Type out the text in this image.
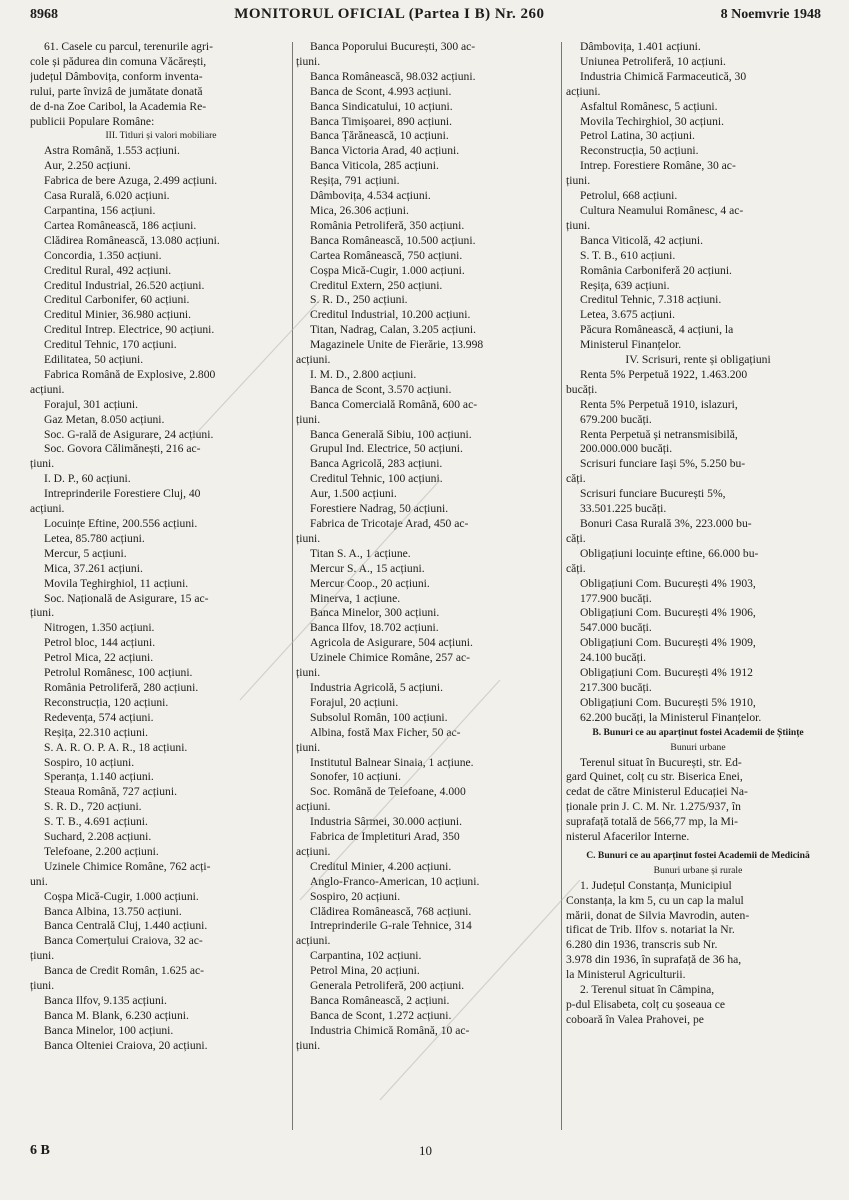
8968	MONITORUL OFICIAL (Partea I B) Nr. 260	8 Noemvrie 1948
61. Casele cu parcul, terenurile agri-
cole și pădurea din comuna Văcărești,
județul Dâmbovița, conform inventa-
rului, parte învizâ de jumătate donată
de d-na Zoe Caribol, la Academia Re-
publicii Populare Române:
III. Titluri și valori mobiliare
Astra Română, 1.553 acțiuni.
Aur, 2.250 acțiuni.
Fabrica de bere Azuga, 2.499 acțiuni.
Casa Rurală, 6.020 acțiuni.
Carpantina, 156 acțiuni.
Cartea Românească, 186 acțiuni.
Clădirea Românească, 13.080 acțiuni.
Concordia, 1.350 acțiuni.
Creditul Rural, 492 acțiuni.
Creditul Industrial, 26.520 acțiuni.
Creditul Carbonifer, 60 acțiuni.
Creditul Minier, 36.980 acțiuni.
Creditul Intrep. Electrice, 90 acțiuni.
Creditul Tehnic, 170 acțiuni.
Edilitatea, 50 acțiuni.
Fabrica Română de Explosive, 2.800
acțiuni.
Forajul, 301 acțiuni.
Gaz Metan, 8.050 acțiuni.
Soc. G-rală de Asigurare, 24 acțiuni.
Soc. Govora Călimănești, 216 ac-
țiuni.
I. D. P., 60 acțiuni.
Intreprinderile Forestiere Cluj, 40
acțiuni.
Locuințe Eftine, 200.556 acțiuni.
Letea, 85.780 acțiuni.
Mercur, 5 acțiuni.
Mica, 37.261 acțiuni.
Movila Teghirghiol, 11 acțiuni.
Soc. Națională de Asigurare, 15 ac-
țiuni.
Nitrogen, 1.350 acțiuni.
Petrol bloc, 144 acțiuni.
Petrol Mica, 22 acțiuni.
Petrolul Românesc, 100 acțiuni.
România Petroliferă, 280 acțiuni.
Reconstrucția, 120 acțiuni.
Redevența, 574 acțiuni.
Reșița, 22.310 acțiuni.
S. A. R. O. P. A. R., 18 acțiuni.
Sospiro, 10 acțiuni.
Speranța, 1.140 acțiuni.
Steaua Română, 727 acțiuni.
S. R. D., 720 acțiuni.
S. T. B., 4.691 acțiuni.
Suchard, 2.208 acțiuni.
Telefoane, 2.200 acțiuni.
Uzinele Chimice Române, 762 acți-
uni.
Coșpa Mică-Cugir, 1.000 acțiuni.
Banca Albina, 13.750 acțiuni.
Banca Centrală Cluj, 1.440 acțiuni.
Banca Comerțului Craiova, 32 ac-
țiuni.
Banca de Credit Român, 1.625 ac-
țiuni.
Banca Ilfov, 9.135 acțiuni.
Banca M. Blank, 6.230 acțiuni.
Banca Minelor, 100 acțiuni.
Banca Olteniei Craiova, 20 acțiuni.
Banca Poporului București, 300 ac-
țiuni.
Banca Românească, 98.032 acțiuni.
Banca de Scont, 4.993 acțiuni.
Banca Sindicatului, 10 acțiuni.
Banca Timișoarei, 890 acțiuni.
Banca Țărănească, 10 acțiuni.
Banca Victoria Arad, 40 acțiuni.
Banca Viticola, 285 acțiuni.
Reșița, 791 acțiuni.
Dâmbovița, 4.534 acțiuni.
Mica, 26.306 acțiuni.
România Petroliferă, 350 acțiuni.
Banca Românească, 10.500 acțiuni.
Cartea Românească, 750 acțiuni.
Coșpa Mică-Cugir, 1.000 acțiuni.
Creditul Extern, 250 acțiuni.
S. R. D., 250 acțiuni.
Creditul Industrial, 10.200 acțiuni.
Titan, Nadrag, Calan, 3.205 acțiuni.
Magazinele Unite de Fierărie, 13.998
acțiuni.
I. M. D., 2.800 acțiuni.
Banca de Scont, 3.570 acțiuni.
Banca Comercială Română, 600 ac-
țiuni.
Banca Generală Sibiu, 100 acțiuni.
Grupul Ind. Electrice, 50 acțiuni.
Banca Agricolă, 283 acțiuni.
Creditul Tehnic, 100 acțiuni.
Aur, 1.500 acțiuni.
Forestiere Nadrag, 50 acțiuni.
Fabrica de Tricotaje Arad, 450 ac-
țiuni.
Titan S. A., 1 acțiune.
Mercur S. A., 15 acțiuni.
Mercur Coop., 20 acțiuni.
Minerva, 1 acțiune.
Banca Minelor, 300 acțiuni.
Banca Ilfov, 18.702 acțiuni.
Agricola de Asigurare, 504 acțiuni.
Uzinele Chimice Române, 257 ac-
țiuni.
Industria Agricolă, 5 acțiuni.
Forajul, 20 acțiuni.
Subsolul Român, 100 acțiuni.
Albina, fostă Max Ficher, 50 ac-
țiuni.
Institutul Balnear Sinaia, 1 acțiune.
Sonofer, 10 acțiuni.
Soc. Română de Telefoane, 4.000
acțiuni.
Industria Sârmei, 30.000 acțiuni.
Fabrica de Impletituri Arad, 350
acțiuni.
Creditul Minier, 4.200 acțiuni.
Anglo-Franco-American, 10 acțiuni.
Sospiro, 20 acțiuni.
Clădirea Românească, 768 acțiuni.
Intreprinderile G-rale Tehnice, 314
acțiuni.
Carpantina, 102 acțiuni.
Petrol Mina, 20 acțiuni.
Generala Petroliferă, 200 acțiuni.
Banca Românească, 2 acțiuni.
Banca de Scont, 1.272 acțiuni.
Industria Chimică Română, 10 ac-
țiuni.
Dâmbovița, 1.401 acțiuni.
Uniunea Petroliferă, 10 acțiuni.
Industria Chimică Farmaceutică, 30
acțiuni.
Asfaltul Românesc, 5 acțiuni.
Movila Techirghiol, 30 acțiuni.
Petrol Latina, 30 acțiuni.
Reconstrucția, 50 acțiuni.
Intrep. Forestiere Române, 30 ac-
țiuni.
Petrolul, 668 acțiuni.
Cultura Neamului Românesc, 4 ac-
țiuni.
Banca Viticolă, 42 acțiuni.
S. T. B., 610 acțiuni.
România Carboniferă 20 acțiuni.
Reșița, 639 acțiuni.
Creditul Tehnic, 7.318 acțiuni.
Letea, 3.675 acțiuni.
Păcura Românească, 4 acțiuni, la
Ministerul Finanțelor.
IV. Scrisuri, rente și obligațiuni
Renta 5% Perpetuă 1922, 1.463.200
bucăți.
Renta 5% Perpetuă 1910, islazuri,
679.200 bucăți.
Renta Perpetuă și netransmisibilă,
200.000.000 bucăți.
Scrisuri funciare Iași 5%, 5.250 bu-
căți.
Scrisuri funciare București 5%,
33.501.225 bucăți.
Bonuri Casa Rurală 3%, 223.000 bu-
căți.
Obligațiuni locuințe eftine, 66.000 bu-
căți.
Obligațiuni Com. București 4% 1903,
177.900 bucăți.
Obligațiuni Com. București 4% 1906,
547.000 bucăți.
Obligațiuni Com. București 4% 1909,
24.100 bucăți.
Obligațiuni Com. București 4% 1912
217.300 bucăți.
Obligațiuni Com. București 5% 1910,
62.200 bucăți, la Ministerul Finanțelor.
B. Bunuri ce au aparținut fostei Academii de Științe
Bunuri urbane
Terenul situat în București, str. Ed-
gard Quinet, colț cu str. Biserica Enei,
cedat de către Ministerul Educației Na-
ționale prin J. C. M. Nr. 1.275/937, în
suprafață totală de 566,77 mp, la Mi-
nisterul Afacerilor Interne.
C. Bunuri ce au aparținut fostei Academii de Medicină
Bunuri urbane și rurale
1. Județul Constanța, Municipiul
Constanța, la km 5, cu un cap la malul
mării, donat de Silvia Mavrodin, auten-
tificat de Trib. Ilfov s. notariat la Nr.
6.280 din 1936, transcris sub Nr.
3.978 din 1936, în suprafață de 36 ha,
la Ministerul Agriculturii.
2. Terenul situat în Câmpina,
p-dul Elisabeta, colț cu șoseaua ce
coboară în Valea Prahovei, pe
10
6 B
